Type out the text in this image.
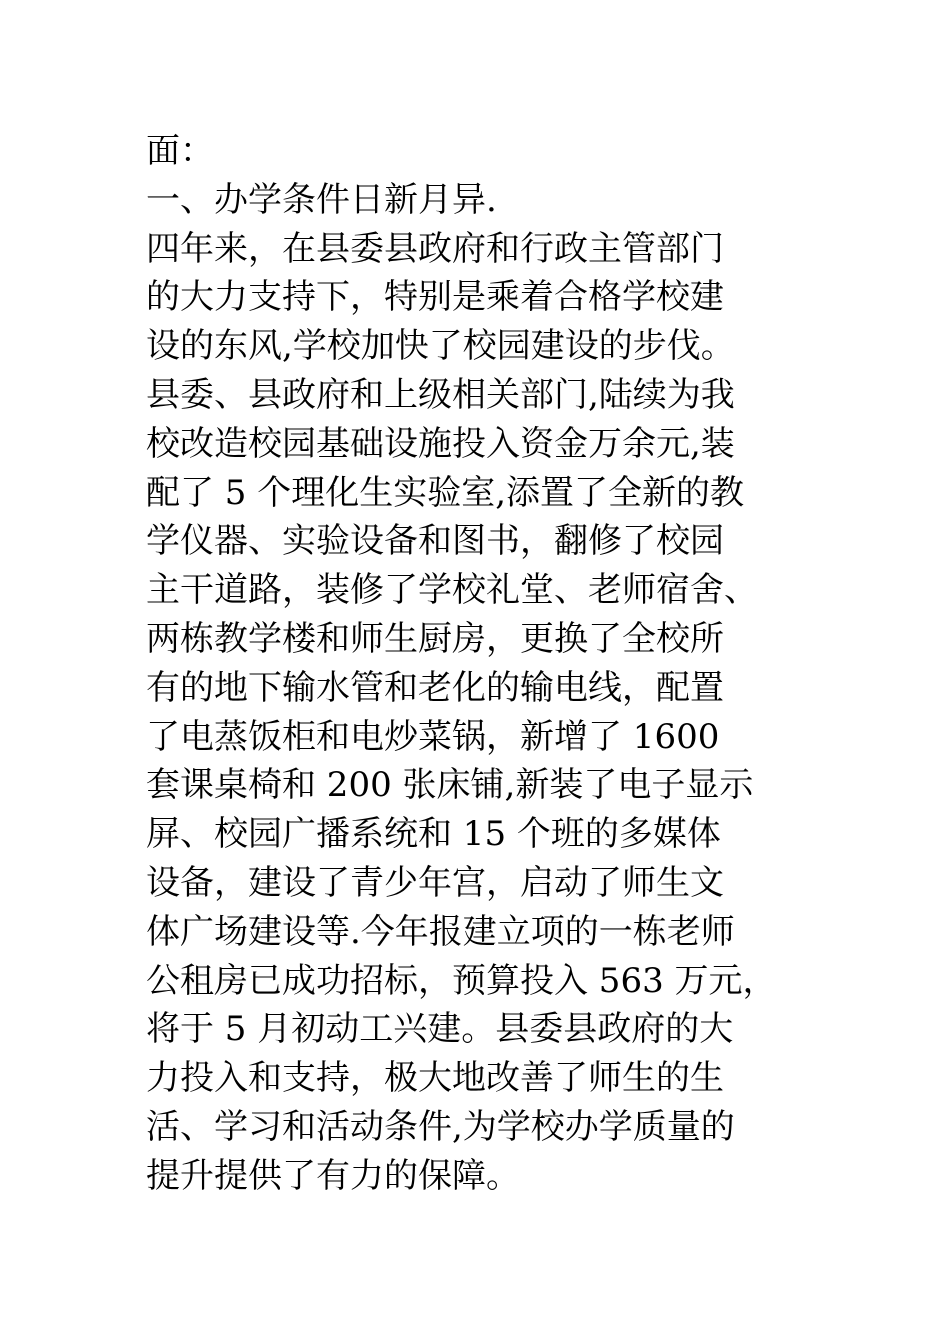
面：
一、办学条件日新月异.
四年来，在县委县政府和行政主管部门
的大力支持下，特别是乘着合格学校建
设的东风,学校加快了校园建设的步伐。
县委、县政府和上级相关部门,陆续为我
校改造校园基础设施投入资金万余元,装
配了 5 个理化生实验室,添置了全新的教
学仪器、实验设备和图书，翻修了校园
主干道路，装修了学校礼堂、老师宿舍、
两栋教学楼和师生厨房，更换了全校所
有的地下输水管和老化的输电线，配置
了电蒸饭柜和电炒菜锅，新增了 1600
套课桌椅和 200 张床铺,新装了电子显示
屏、校园广播系统和 15 个班的多媒体
设备，建设了青少年宫，启动了师生文
体广场建设等.今年报建立项的一栋老师
公租房已成功招标，预算投入 563 万元，
将于 5 月初动工兴建。县委县政府的大
力投入和支持，极大地改善了师生的生
活、学习和活动条件,为学校办学质量的
提升提供了有力的保障。
